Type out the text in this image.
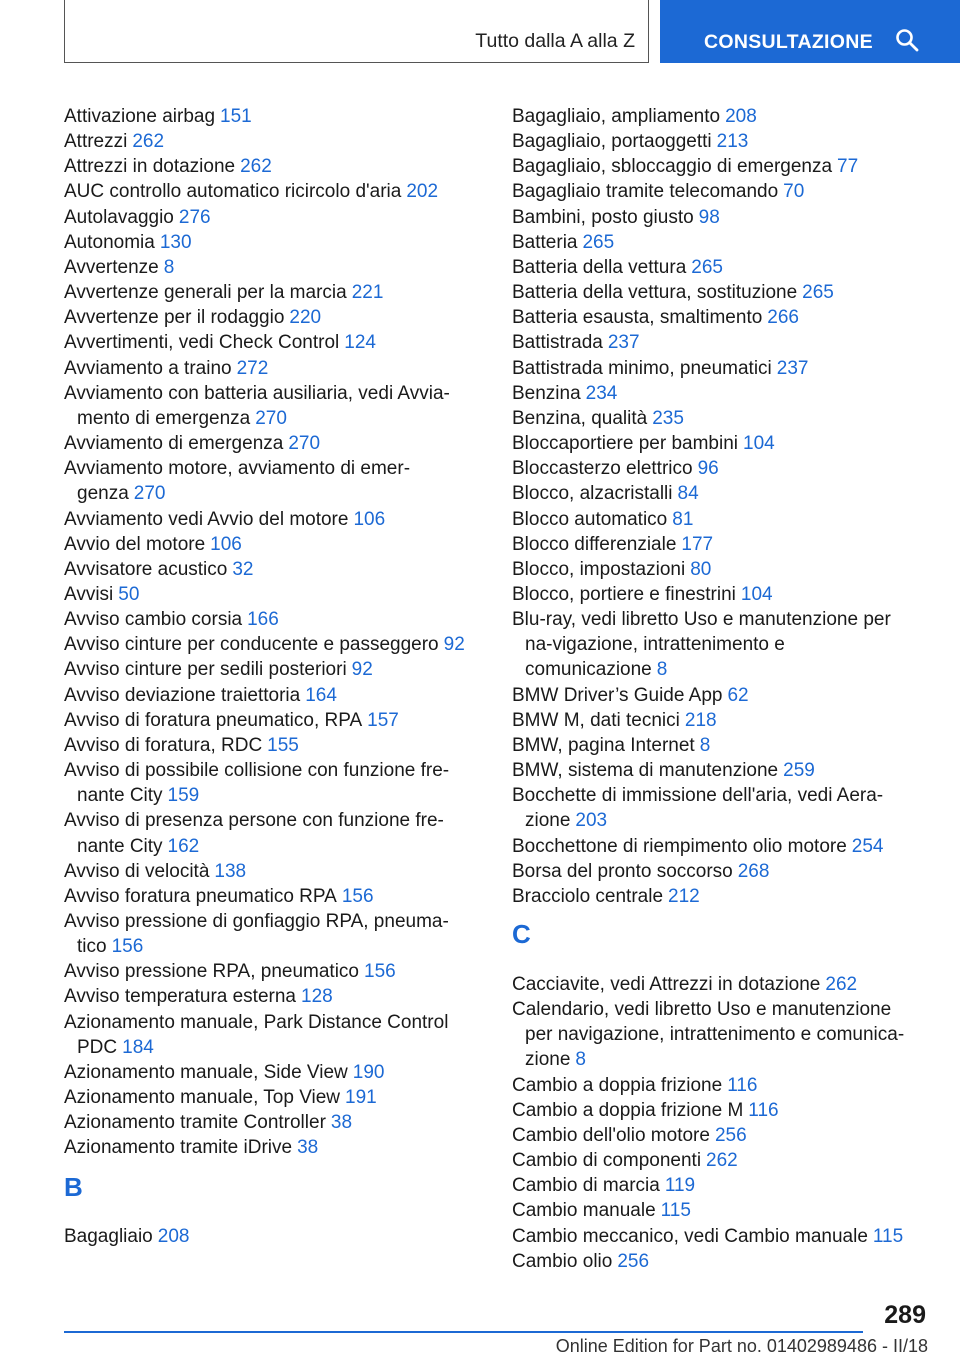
Tutto dalla A alla Z	CONSULTAZIONE
Attivazione airbag 151
Attrezzi 262
Attrezzi in dotazione 262
AUC controllo automatico ricircolo d'aria 202
Autolavaggio 276
Autonomia 130
Avvertenze 8
Avvertenze generali per la marcia 221
Avvertenze per il rodaggio 220
Avvertimenti, vedi Check Control 124
Avviamento a traino 272
Avviamento con batteria ausiliaria, vedi Avvia-mento di emergenza 270
Avviamento di emergenza 270
Avviamento motore, avviamento di emer-genza 270
Avviamento vedi Avvio del motore 106
Avvio del motore 106
Avvisatore acustico 32
Avvisi 50
Avviso cambio corsia 166
Avviso cinture per conducente e passeggero 92
Avviso cinture per sedili posteriori 92
Avviso deviazione traiettoria 164
Avviso di foratura pneumatico, RPA 157
Avviso di foratura, RDC 155
Avviso di possibile collisione con funzione fre-nante City 159
Avviso di presenza persone con funzione fre-nante City 162
Avviso di velocità 138
Avviso foratura pneumatico RPA 156
Avviso pressione di gonfiaggio RPA, pneuma-tico 156
Avviso pressione RPA, pneumatico 156
Avviso temperatura esterna 128
Azionamento manuale, Park Distance Control PDC 184
Azionamento manuale, Side View 190
Azionamento manuale, Top View 191
Azionamento tramite Controller 38
Azionamento tramite iDrive 38
B
Bagagliaio 208
Bagagliaio, ampliamento 208
Bagagliaio, portaoggetti 213
Bagagliaio, sbloccaggio di emergenza 77
Bagagliaio tramite telecomando 70
Bambini, posto giusto 98
Batteria 265
Batteria della vettura 265
Batteria della vettura, sostituzione 265
Batteria esausta, smaltimento 266
Battistrada 237
Battistrada minimo, pneumatici 237
Benzina 234
Benzina, qualità 235
Bloccaportiere per bambini 104
Bloccasterzo elettrico 96
Blocco, alzacristalli 84
Blocco automatico 81
Blocco differenziale 177
Blocco, impostazioni 80
Blocco, portiere e finestrini 104
Blu-ray, vedi libretto Uso e manutenzione per na-vigazione, intrattenimento e comunicazione 8
BMW Driver’s Guide App 62
BMW M, dati tecnici 218
BMW, pagina Internet 8
BMW, sistema di manutenzione 259
Bocchette di immissione dell'aria, vedi Aera-zione 203
Bocchettone di riempimento olio motore 254
Borsa del pronto soccorso 268
Bracciolo centrale 212
C
Cacciavite, vedi Attrezzi in dotazione 262
Calendario, vedi libretto Uso e manutenzione per navigazione, intrattenimento e comunica-zione 8
Cambio a doppia frizione 116
Cambio a doppia frizione M 116
Cambio dell'olio motore 256
Cambio di componenti 262
Cambio di marcia 119
Cambio manuale 115
Cambio meccanico, vedi Cambio manuale 115
Cambio olio 256
289
Online Edition for Part no. 01402989486 - II/18
